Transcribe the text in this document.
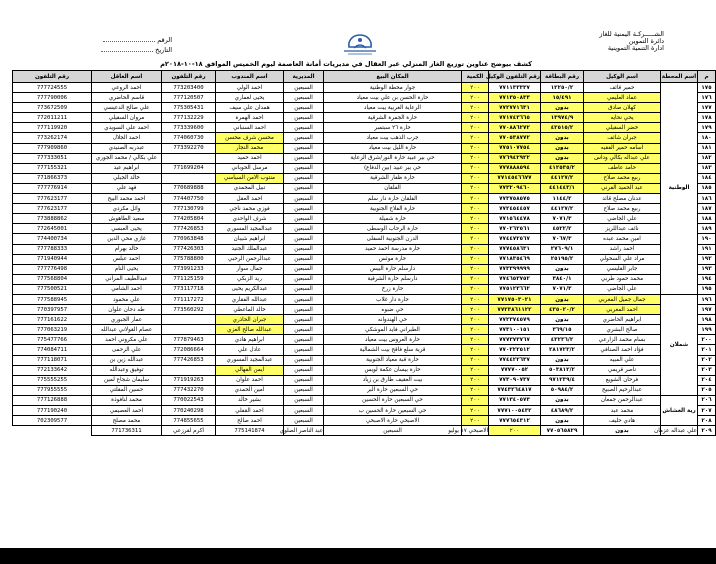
الشـــــركـة اليمنية للغاز
دائرة التموين
ادارة التنمية التموينية
الرقم
التاريخ
كشف بيوضح عناوين توزيع الغاز المنزلي عبر العقال في مديريات أمانة العاصمة ليوم الخميس الموافق ١٨-١٠-٢٠١٨م
م	اسم المحطة	اسم الوكيل	رقم البطاقة	رقم التلفون الوكيل	الكمية	المكان البيع	المديرية	اسم المندوب	رقم التلفون	اسم العاقل	رقم التلفون
١٧٥	الوطنية	حمير قائف	١٢٢٥٠/٢	٧٧١١٣٣٣٣٧	٢٠٠	جوار محطة الوطنية	السبعين	احمد الولي	773203400	احمد الروعي	777724555
١٧٦		عماد العليمي	١٥/٤٩١	٧٧١٣٥٠٨٣٣	٢٠٠	حارة الحسن بن علي بيت معياد	السبعين	يحيى لغماري	777120507	قاسم الحاضري	777790006
١٧٧		كهلان صادق	بدون	٧٧٢٧٧١٦٣١	٢٠٠	الرعاية الغربية بيت معياد	السبعين	همدان علي سيف	775305431	علي صالح الدعيسي	773672509
١٧٨		يحي نحايه	١٣٩٧٤/٩	٧٧١٧٤٣٦٦٥	٢٠٠	حارة الجمرة الشرقية	السبعين	احمد الهمرة	777132229	مروان السقيلي	772011211
١٧٩		خضر السقيلي	٤٢٥١٥/٢	٧٧٠٨٨٦٢٧٢	٢٠٠	حارة ٢٦ سبتمبر	السبعين	احمد السنباني	773339600	احمد علي السويدي	777119920
١٨٠		جبران شائف	بدون	٧٧٠٥٣٨٧٧٢	٢٠٠	جرب الذهب بيت معياد	السبعين	محسن شرف محسن	774060730	احمد الجلال	773262174
١٨١		اسامه حمير الفقيه	بدون	٧٧٥١٠٧٧٥٤	٢٠٠	حارة الليل بيت معياد	السبعين	محمد النجار	773392270	عبدربه الصنيدي	777909860
١٨٢		علي عبداله بكالي وداس	بدون	٧٧٦٩٤٢٩٢٢	٢٠٠	حي بير عبيد حارة النور/شرق الرعاية	السبعين	احمد حميد		علي بكالي / محمد الجوري	777333051
١٨٣		حامد عاطف	٤١٢٥٣٥/٢	٧٧٧٨٨٨٥٩٤	٢٠٠	حي بير عبيد (بين الدفاع)	السبعين	مرسل الحوباني	771699204	ابراهيم عيد	777155321
١٨٤		ربيع محمد صلاح	٤٤١٢٧/٢	٧٧١٤٥٤٦٦٧٧	٢٠٠	حارة ظفار الشرقية	السبعين	منتوب الامن السياسي		خالد الجبلي	771866373
١٨٥		عبد الحميد الفرني	٤٤١٤٤٣/١	٧٧٣٢٠٩٤٦٠	٢٠٠	الفلقان	السبعين	نبيل المحمدي	770689888	فهد علي	777776914
١٨٦		عدنان مصلح قائد	١١٤٤/٢	٧٧٣٧٥٨٥٧٥	٢٠٠	الفلقان حارة دار سلم	السبعين	احمد العقل	774407750	احمد محمد البيح	777623177
١٨٧		ربيع محمد صلاح	٤٤١٢٧/٢	٧٧٢٤٥٤٤٥٧	٢٠٠	حارة الفلاح الجنوبية	السبعين	فوزي محمد ناجي	777130799	وائل مكردي	777623177
١٨٨		علي الجاضي	٧٠٧١/٣	٧٧١٥٦٤٤٧٨	٢٠٠	حارة شميلة	السبعين	شرف الواحدي	774205804	سعيد الطاهوش	773888862
١٨٩		نائف عبداللريز	٤٥٢٢/٢	٧٧٠٢٦٢٥٦١	٢٠٠	حارة الرحاب الوسطى	السبعين	عبدالمجيد المسوري	777426853	يحيى العبسي	772645001
١٩٠		امين محمد عبده	٧٠٦٧/٣	٧٧٤٤٧٢٥٦٧	٢٠٠	الدرن الجنوبية السفلى	السبعين	ابراهيم شيبان	770963848	غازي محي الدين	774400734
١٩١		احمد راشد	٢٧٦٠٩/١	٧٧٧٤٥٨٦٣١	٢٠٠	حارة مدرسة احمد حميد	السبعين	عبدالملك الجنيد	777426303	خالد بهرام	777788333
١٩٢		مراد علي السحولي	٢٥١٩٥/٢	٧٧١٨٣٥٤٦٩	٢٠٠	حارة موئس	السبعين	عبدالرحمن الرحبي	775788800	احمد عبلس	771940944
١٩٣		جابر القليسي	بدون	٧٧٣٣٩٩٩٩٩	٢٠٠	دارسلم حارة البيس	السبعين	جمال سوار	773991233	يحيى النام	777776498
١٩٤		محمد حمود طربي	٣٨٤٠/١	٧٧٤٦٥٣٧٥٢	٢٠٠	دارسلم حارة الشرقية	السبعين	ريد الزبكي	771125159	عبدالطيف المراني	777568804
١٩٥		علي الجاضي	٧٠٧١/٣	٧٧٥١٢٣٦٦٢	٢٠٠	حارة زرخ	السبعين	عبدالكريم يحيى	773117718	احمد الشامي	777500521
١٩٦	شملان	جمال جميل المغربي	بدون	٧٧١٧٥٠٣٠٢١	٢٠٠	حارة دار غلاب	السبعين	عبدالله الفقاري	771117272	علي محمود	777588945
١٩٧		احمد المغربي	٤٣٥٠٢٠/٢	٧٧٢٣٨٦١١٢٢	٢٠٠	حي ضبوه	السبعين	خالد الماعطي	773560292	طه دحان علوان	770397957
١٩٨		ابراهيم الحاضري	بدون	٧٧٢٣٧٤٥٧٩	٢٠٠	حي الهندوانه	السبعين	جبران الحاذري		عمار الجبوري	777161622
١٩٩		صالح البشري	٣٦٩/١٥	٧٧٣١٠٠١٥١	٢٠٠	الطبراني فايد الموشكي	السبعين	عبدالله صالح العزي		عصام القولاني عبدالله	777063219
٢٠٠		بسام محمد الزارعي	٤٣٢٣٦/٢	٧٧٧٣٧٣٧٦٧	٢٠٠	حارة العروس بيت معياد	السبعين	ابراهيم هادي	777879463	علي مكروني احمد	775477766
٢٠١		فؤاد احمد الصنافي	٢٨١٧٢٣/٢	٧٧٠٢٢٢٥١٢	٢٠٠	قرية سلع فاقح بيت الشمالية	السبعين	عادل علي	772086664	علي الرحمى	774084711
٢٠٢		علي المبيه	بدون	٧٧٤٤٢٢٦٣٧	٢٠٠	حارة قبة معياد الجنوبية	السبعين	عبدالمجيد المسوري	777426853	عبدالله زين بن	777118071
٢٠٣		ناصر قريمي	٥٠٣٨١٢/٢	٧٧٧٧٠٠٥٢	٢٠٠	حارة بيسان عكمة لويس	السبعين	ايمن الفهالي		توفيق وعبدالله	772133642
٢٠٤		فرحان الشويع	٩٧١٢٣٩/٤	٧٧٣٠٩٠٧٣٧	٢٠٠	بيت العقيف طارق بن زياد	السبعين	احمد علوان	771919263	سليمان شجاع لمين	775555255
٢٠٥		عبدالرحيم الصبيح	٥٠٩٨٤/٢	٧٧٤٣٢٦٤٨١٧	٢٠٠	حي السبعين حارة البر	السبعين	امين الحمدي	777432270	حسين المقلتي	777955555
٢٠٦	رية العشاش	عبدالرحمن جمعان	بدون	٧٧١٣٤٠٥٧٣	٢٠٠	حي السبعين حارة الحسين	السبعين	بشير خالد	770022543	محمد لنافوذة	777126888
٢٠٧		محمد عبد	٤٨٦٨٩/٢	٧٧٧١٠٠٥٤٣٢	٢٠٠	حي السبعين حارة الحسين ب	السبعين	احمد القفلي	770240298	احمد العصيمي	777190240
٢٠٨		هادي حليف	بدون	٧٧٧٦٥٤٣١٢	٢٠٠	الاصبحي حارة الاصبحي	السبعين	احمد صالح	774855655	محمد مصلح	702309577
٢٠٩	علي عبداله عزمان	بدون	٧٧٠٥٦٥٨٢٩	٢٠٠	الاصبحي ١٧ يوليو	السبعين	عبد الناصر الصلوي	775141874	اكرم لقرزعي	771736311	
